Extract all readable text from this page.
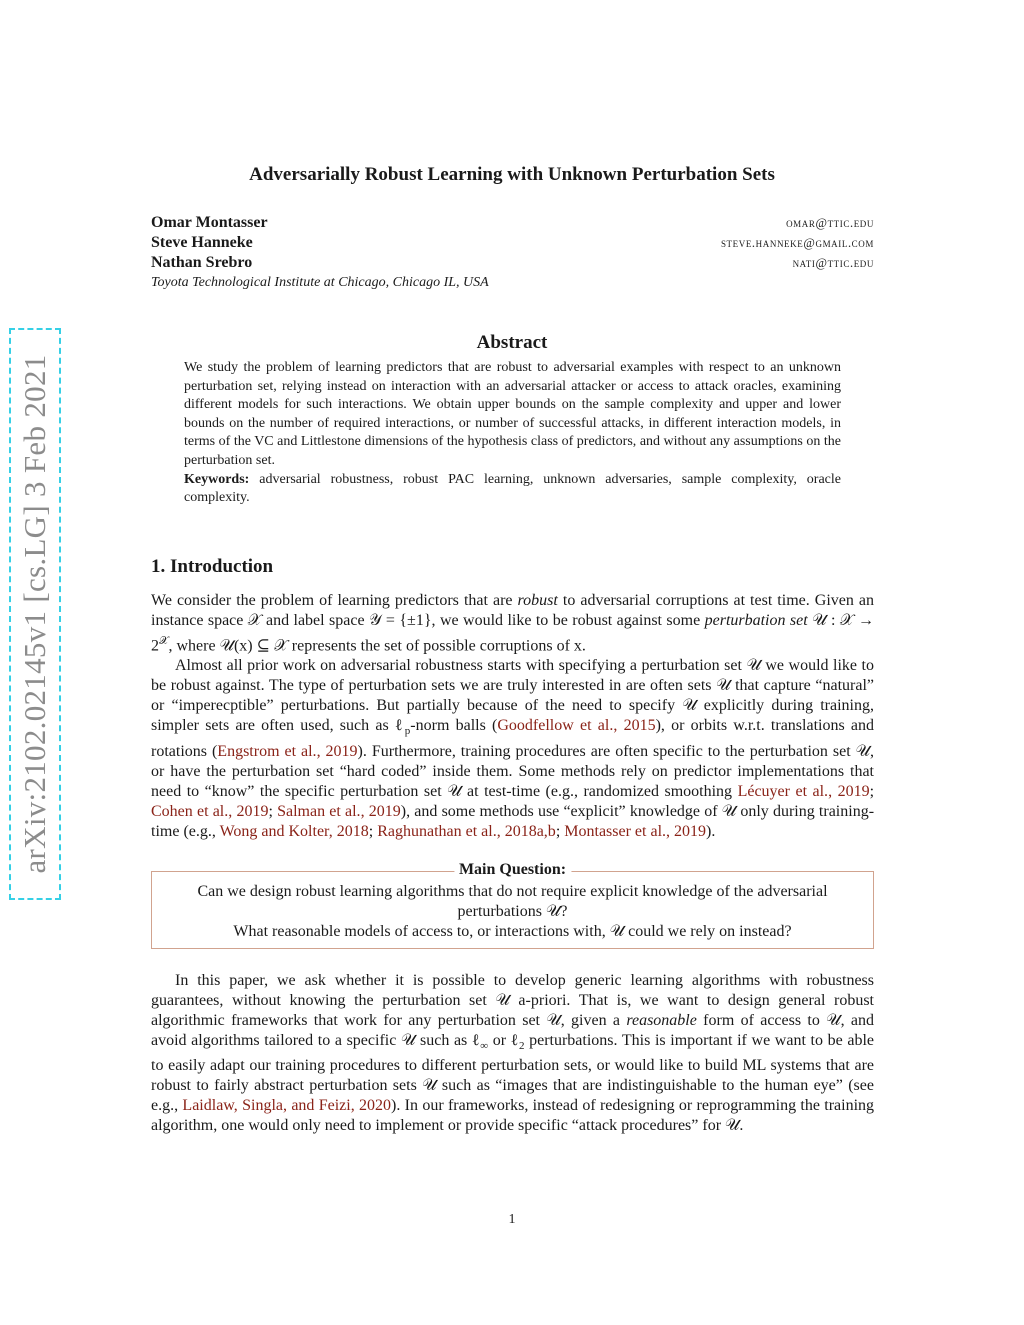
arXiv:2102.02145v1 [cs.LG] 3 Feb 2021
Adversarially Robust Learning with Unknown Perturbation Sets
Omar Montasser	omar@ttic.edu
Steve Hanneke	steve.hanneke@gmail.com
Nathan Srebro	nati@ttic.edu
Toyota Technological Institute at Chicago, Chicago IL, USA
Abstract

We study the problem of learning predictors that are robust to adversarial examples with respect to an unknown perturbation set, relying instead on interaction with an adversarial attacker or access to attack oracles, examining different models for such interactions. We obtain upper bounds on the sample complexity and upper and lower bounds on the number of required interactions, or number of successful attacks, in different interaction models, in terms of the VC and Littlestone dimensions of the hypothesis class of predictors, and without any assumptions on the perturbation set.

Keywords: adversarial robustness, robust PAC learning, unknown adversaries, sample complexity, oracle complexity.

1. Introduction

We consider the problem of learning predictors that are robust to adversarial corruptions at test time. Given an instance space 𝒳 and label space 𝒴 = {±1}, we would like to be robust against some perturbation set 𝒰 : 𝒳 → $2^𝒳$, where 𝒰(x) ⊆ 𝒳 represents the set of possible corruptions of x.

Almost all prior work on adversarial robustness starts with specifying a perturbation set 𝒰 we would like to be robust against. The type of perturbation sets we are truly interested in are often sets 𝒰 that capture “natural” or “imperecptible” perturbations. But partially because of the need to specify 𝒰 explicitly during training, simpler sets are often used, such as ℓ$_p$-norm balls (Goodfellow et al., 2015), or orbits w.r.t. translations and rotations (Engstrom et al., 2019). Furthermore, training procedures are often specific to the perturbation set 𝒰, or have the perturbation set “hard coded” inside them. Some methods rely on predictor implementations that need to “know” the specific perturbation set 𝒰 at test-time (e.g., randomized smoothing Lécuyer et al., 2019; Cohen et al., 2019; Salman et al., 2019), and some methods use “explicit” knowledge of 𝒰 only during training-time (e.g., Wong and Kolter, 2018; Raghunathan et al., 2018a,b; Montasser et al., 2019).

Main Question:

Can we design robust learning algorithms that do not require explicit knowledge of the adversarial perturbations 𝒰?

What reasonable models of access to, or interactions with, 𝒰 could we rely on instead?

In this paper, we ask whether it is possible to develop generic learning algorithms with robustness guarantees, without knowing the perturbation set 𝒰 a-priori. That is, we want to design general robust algorithmic frameworks that work for any perturbation set 𝒰, given a reasonable form of access to 𝒰, and avoid algorithms tailored to a specific 𝒰 such as ℓ$_\infty$ or ℓ$_2$ perturbations. This is important if we want to be able to easily adapt our training procedures to different perturbation sets, or would like to build ML systems that are robust to fairly abstract perturbation sets 𝒰 such as “images that are indistinguishable to the human eye” (see e.g., Laidlaw, Singla, and Feizi, 2020). In our frameworks, instead of redesigning or reprogramming the training algorithm, one would only need to implement or provide specific “attack procedures” for 𝒰.

1
